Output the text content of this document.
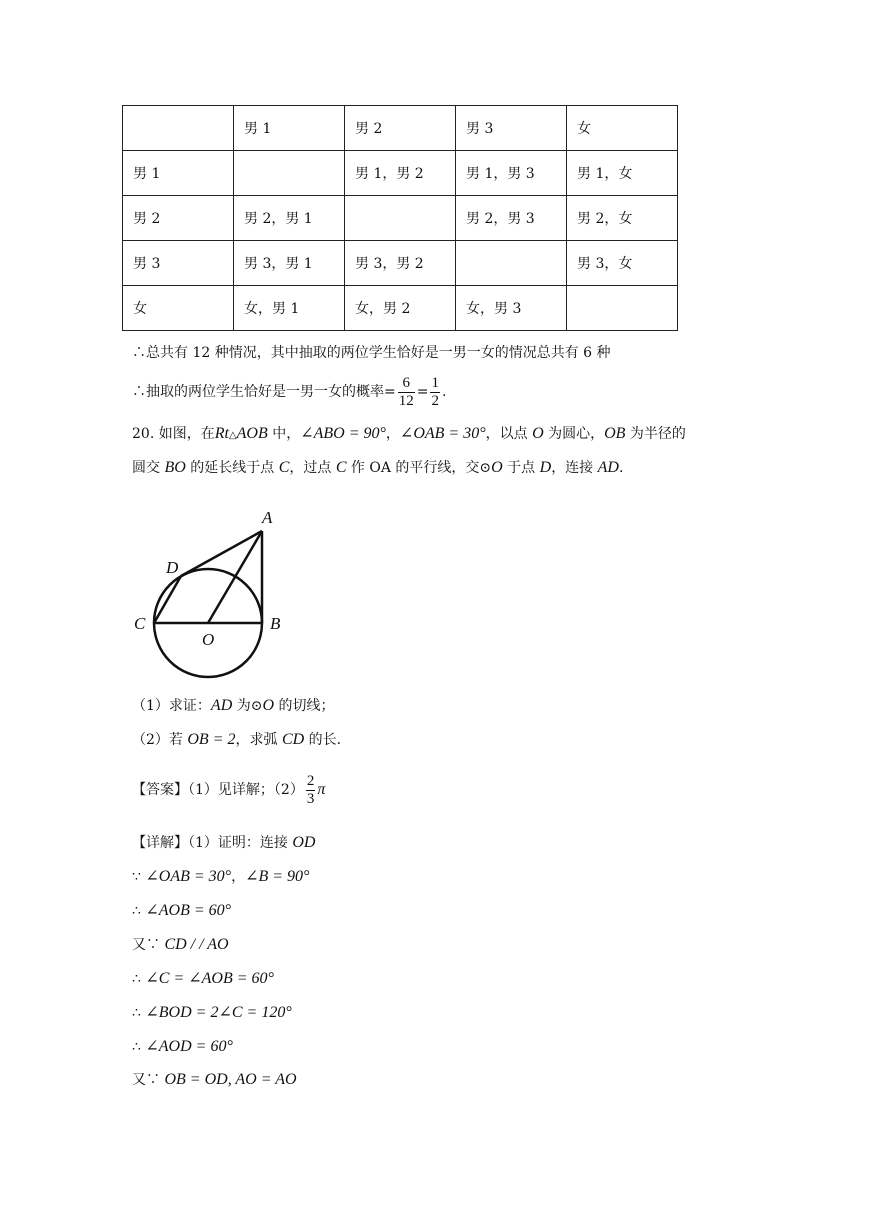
	男 1	男 2	男 3	女
男 1		男 1，男 2	男 1，男 3	男 1，女
男 2	男 2，男 1		男 2，男 3	男 2，女
男 3	男 3，男 1	男 3，男 2		男 3，女
女	女，男 1	女，男 2	女，男 3	
∴总共有 12 种情况，其中抽取的两位学生恰好是一男一女的情况总共有 6 种
∴抽取的两位学生恰好是一男一女的概率= $\frac{6}{12} = \frac{1}{2}$ .
20. 如图，在Rt△AOB 中，∠ABO = 90°，∠OAB = 30°，以点 O 为圆心，OB 为半径的
圆交 BO 的延长线于点 C，过点 C 作 OA 的平行线，交⊙O 于点 D，连接 AD.
A
B
C
D
O
（1）求证：AD 为⊙O 的切线；
（2）若 OB = 2，求弧 CD 的长.
【答案】（1）见详解；$(2) \frac{2}{3}$ π
【详解】（1）证明：连接 OD
∵ ∠OAB = 30°，∠B = 90°
∴ ∠AOB = 60°
又∵ CD / / AO
∴ ∠C = ∠AOB = 60°
∴ ∠BOD = 2∠C = 120°
∴ ∠AOD = 60°
又∵ OB = OD, AO = AO
